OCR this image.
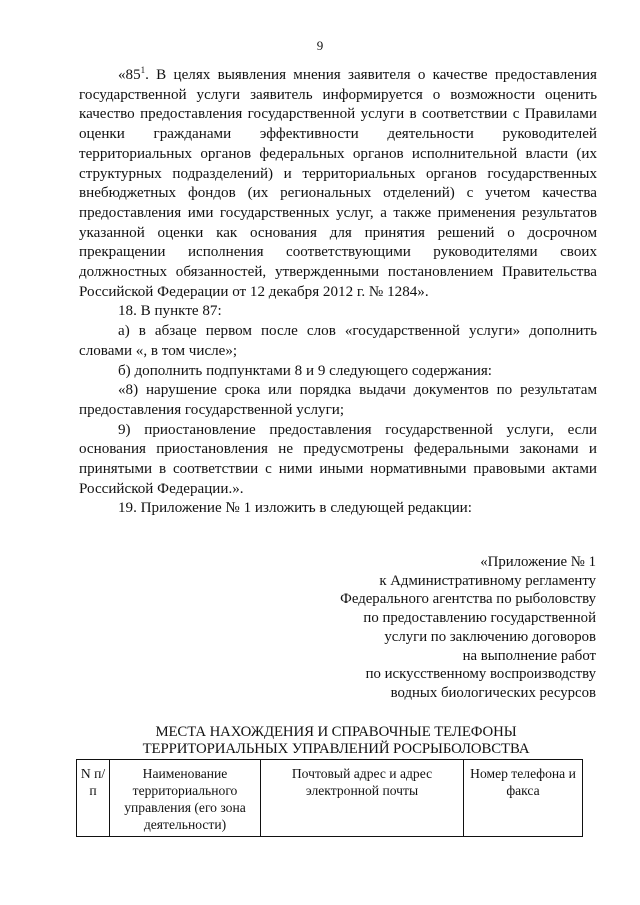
9

«$85^1$. В целях выявления мнения заявителя о качестве предоставления государственной услуги заявитель информируется о возможности оценить качество предоставления государственной услуги в соответствии с Правилами оценки гражданами эффективности деятельности руководителей территориальных органов федеральных органов исполнительной власти (их структурных подразделений) и территориальных органов государственных внебюджетных фондов (их региональных отделений) с учетом качества предоставления ими государственных услуг, а также применения результатов указанной оценки как основания для принятия решений о досрочном прекращении исполнения соответствующими руководителями своих должностных обязанностей, утвержденными постановлением Правительства Российской Федерации от 12 декабря 2012 г. № 1284».

18. В пункте 87:

а) в абзаце первом после слов «государственной услуги» дополнить словами «, в том числе»;

б) дополнить подпунктами 8 и 9 следующего содержания:

«8) нарушение срока или порядка выдачи документов по результатам предоставления государственной услуги;

9) приостановление предоставления государственной услуги, если основания приостановления не предусмотрены федеральными законами и принятыми в соответствии с ними иными нормативными правовыми актами Российской Федерации.».

19. Приложение № 1 изложить в следующей редакции:

«Приложение № 1
к Административному регламенту
Федерального агентства по рыболовству
по предоставлению государственной
услуги по заключению договоров
на выполнение работ
по искусственному воспроизводству
водных биологических ресурсов
МЕСТА НАХОЖДЕНИЯ И СПРАВОЧНЫЕ ТЕЛЕФОНЫ
ТЕРРИТОРИАЛЬНЫХ УПРАВЛЕНИЙ РОСРЫБОЛОВСТВА
N п/п	Наименование территориального управления (его зона деятельности)	Почтовый адрес и адрес электронной почты	Номер телефона и факса
